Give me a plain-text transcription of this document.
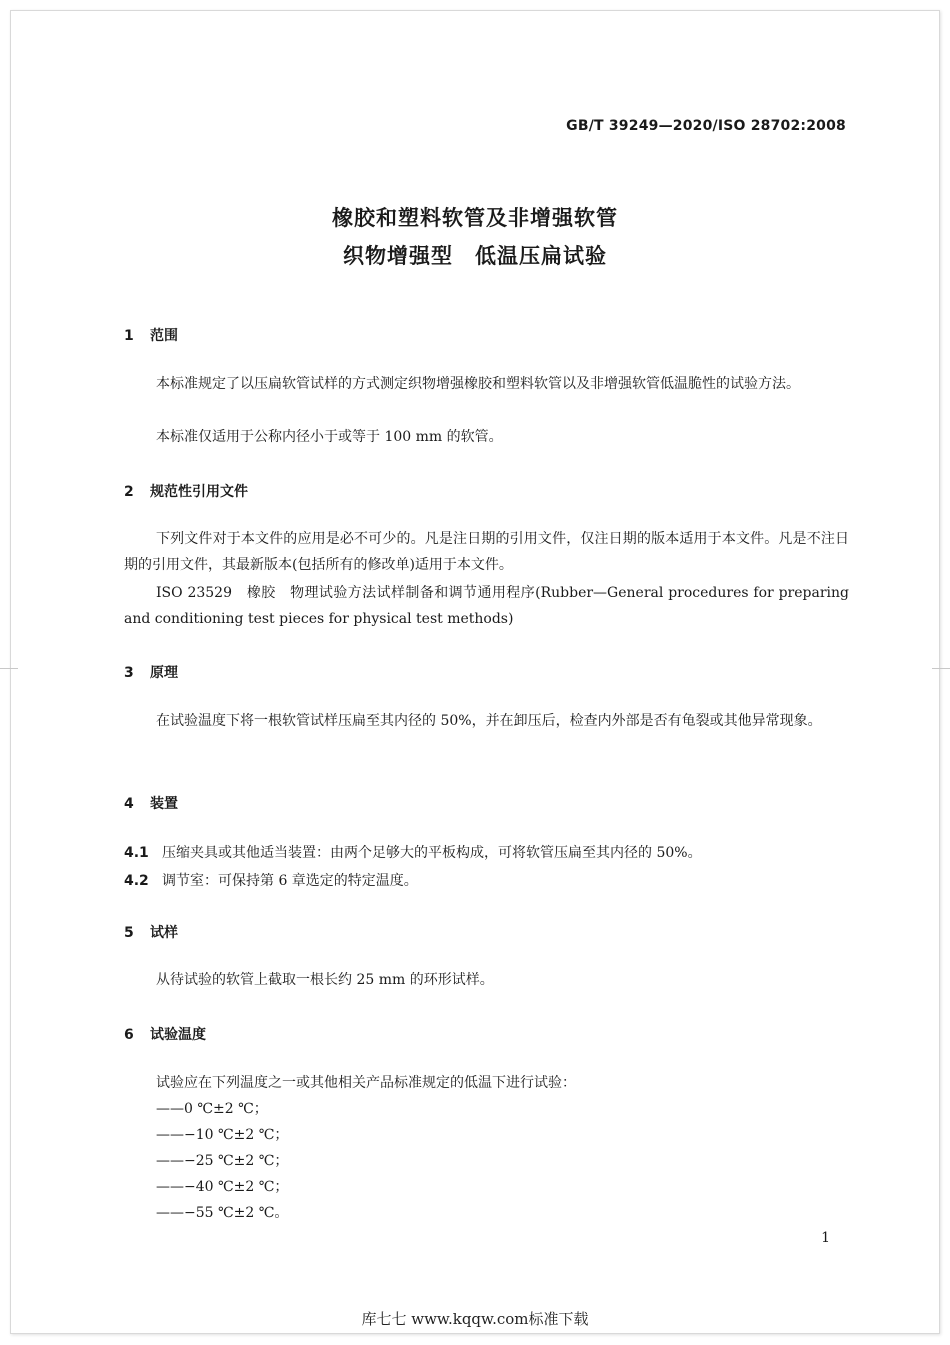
GB/T 39249—2020/ISO 28702:2008
橡胶和塑料软管及非增强软管
织物增强型　低温压扁试验
1 范围
本标准规定了以压扁软管试样的方式测定织物增强橡胶和塑料软管以及非增强软管低温脆性的试验方法。
本标准仅适用于公称内径小于或等于 100 mm 的软管。
2 规范性引用文件
下列文件对于本文件的应用是必不可少的。凡是注日期的引用文件，仅注日期的版本适用于本文件。凡是不注日期的引用文件，其最新版本(包括所有的修改单)适用于本文件。
ISO 23529　橡胶　物理试验方法试样制备和调节通用程序(Rubber—General procedures for preparing and conditioning test pieces for physical test methods)
3 原理
在试验温度下将一根软管试样压扁至其内径的 50%，并在卸压后，检查内外部是否有龟裂或其他异常现象。
4 装置
4.1 压缩夹具或其他适当装置：由两个足够大的平板构成，可将软管压扁至其内径的 50%。
4.2 调节室：可保持第 6 章选定的特定温度。
5 试样
从待试验的软管上截取一根长约 25 mm 的环形试样。
6 试验温度
试验应在下列温度之一或其他相关产品标准规定的低温下进行试验：
——0 ℃±2 ℃；
——−10 ℃±2 ℃；
——−25 ℃±2 ℃；
——−40 ℃±2 ℃；
——−55 ℃±2 ℃。
1
库七七 www.kqqw.com标准下载
